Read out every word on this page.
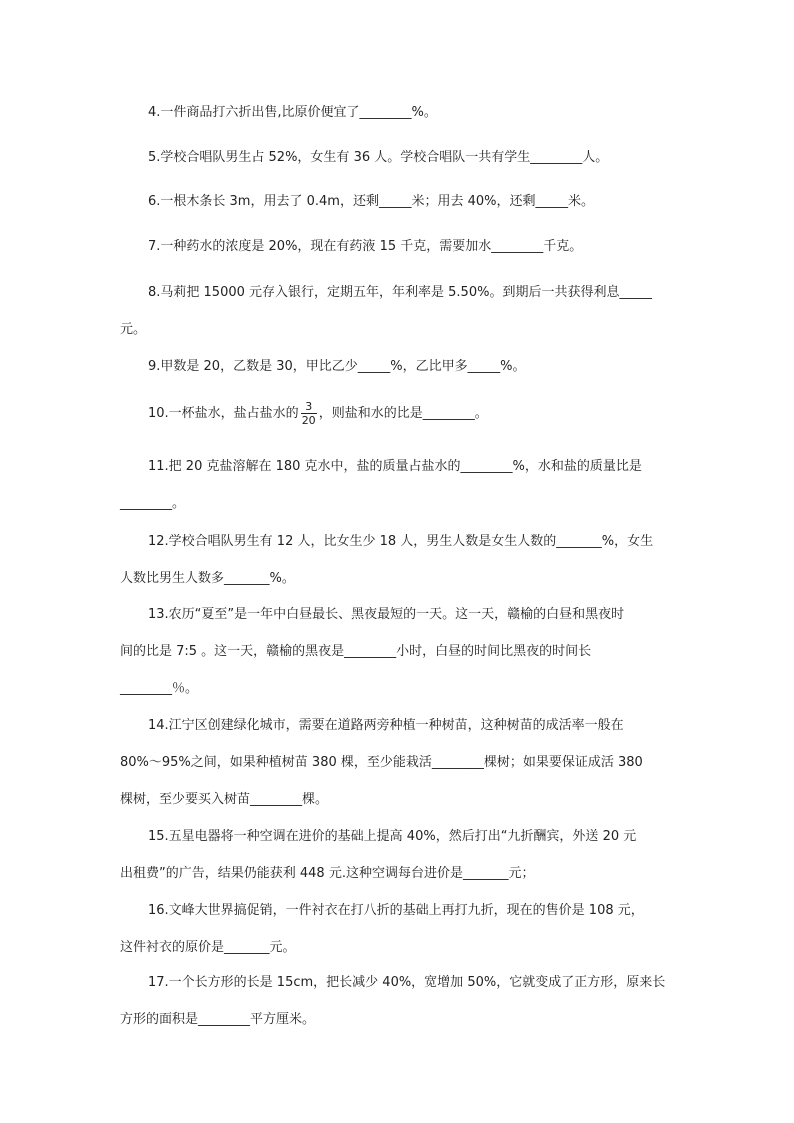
4.一件商品打六折出售,比原价便宜了________%。
5.学校合唱队男生占 52%，女生有 36 人。学校合唱队一共有学生________人。
6.一根木条长 3m，用去了 0.4m，还剩_____米；用去 40%，还剩_____米。
7.一种药水的浓度是 20%，现在有药液 15 千克，需要加水________千克。
8.马莉把 15000 元存入银行，定期五年，年利率是 5.50%。到期后一共获得利息_____
元。
9.甲数是 20，乙数是 30，甲比乙少_____%，乙比甲多_____%。
10.一杯盐水，盐占盐水的 $\frac{3}{20}$ ，则盐和水的比是________。
11.把 20 克盐溶解在 180 克水中，盐的质量占盐水的________%，水和盐的质量比是
________。
12.学校合唱队男生有 12 人，比女生少 18 人，男生人数是女生人数的_______%，女生
人数比男生人数多_______%。
13.农历“夏至”是一年中白昼最长、黑夜最短的一天。这一天，赣榆的白昼和黑夜时
间的比是 7:5 。这一天，赣榆的黑夜是________小时，白昼的时间比黑夜的时间长
________％。
14.江宁区创建绿化城市，需要在道路两旁种植一种树苗，这种树苗的成活率一般在
80%～95%之间，如果种植树苗 380 棵，至少能栽活________棵树；如果要保证成活 380
棵树，至少要买入树苗________棵。
15.五星电器将一种空调在进价的基础上提高 40%，然后打出“九折酬宾，外送 20 元
出租费”的广告，结果仍能获利 448 元.这种空调每台进价是_______元；
16.文峰大世界搞促销，一件衬衣在打八折的基础上再打九折，现在的售价是 108 元，
这件衬衣的原价是_______元。
17.一个长方形的长是 15cm，把长减少 40%，宽增加 50%，它就变成了正方形，原来长
方形的面积是________平方厘米。
